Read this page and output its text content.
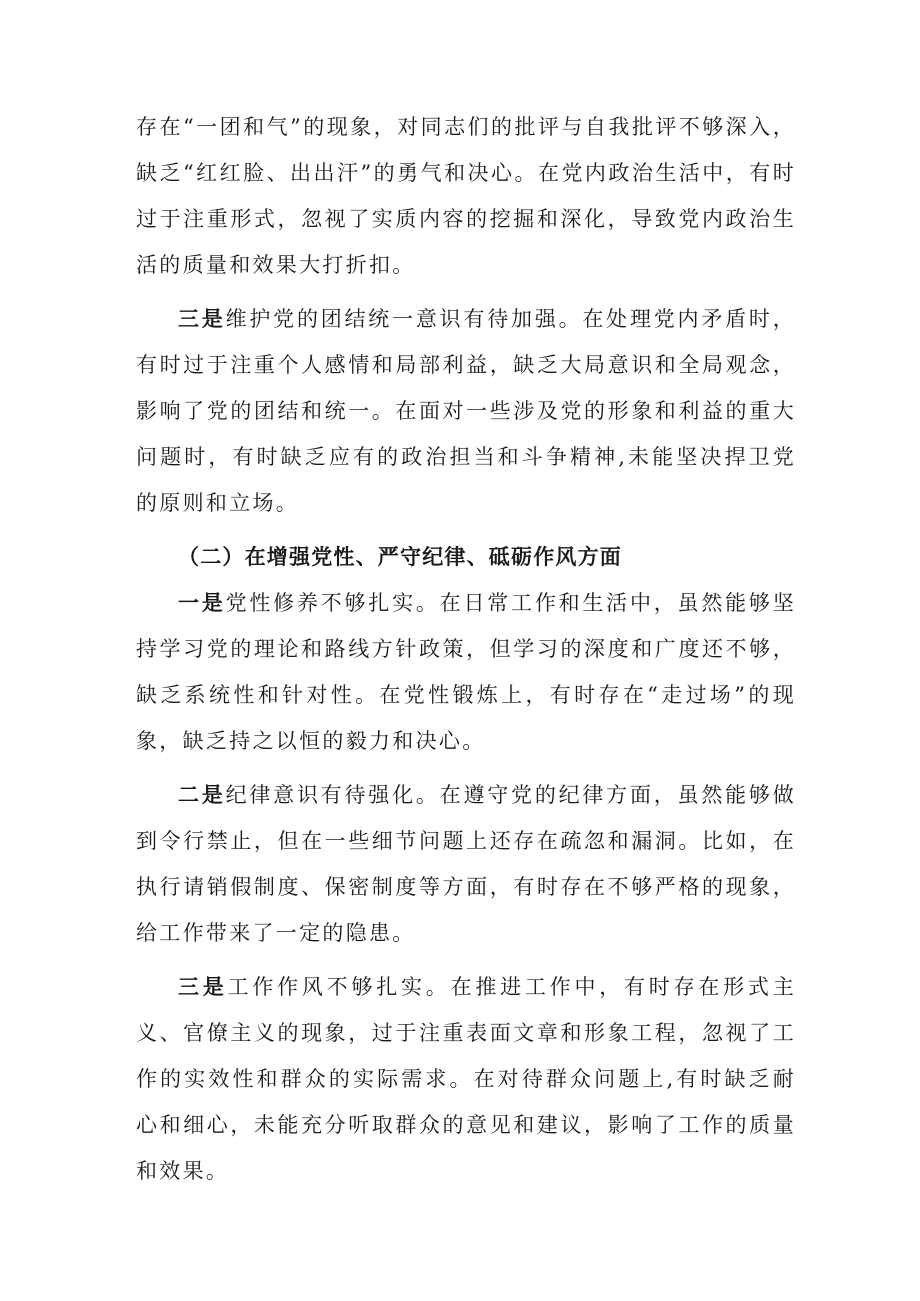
存在“一团和气”的现象，对同志们的批评与自我批评不够深入，缺乏“红红脸、出出汗”的勇气和决心。在党内政治生活中，有时过于注重形式，忽视了实质内容的挖掘和深化，导致党内政治生活的质量和效果大打折扣。

三是维护党的团结统一意识有待加强。在处理党内矛盾时，有时过于注重个人感情和局部利益，缺乏大局意识和全局观念，影响了党的团结和统一。在面对一些涉及党的形象和利益的重大问题时，有时缺乏应有的政治担当和斗争精神,未能坚决捍卫党的原则和立场。

（二）在增强党性、严守纪律、砥砺作风方面

一是党性修养不够扎实。在日常工作和生活中，虽然能够坚持学习党的理论和路线方针政策，但学习的深度和广度还不够，缺乏系统性和针对性。在党性锻炼上，有时存在“走过场”的现象，缺乏持之以恒的毅力和决心。

二是纪律意识有待强化。在遵守党的纪律方面，虽然能够做到令行禁止，但在一些细节问题上还存在疏忽和漏洞。比如，在执行请销假制度、保密制度等方面，有时存在不够严格的现象，给工作带来了一定的隐患。

三是工作作风不够扎实。在推进工作中，有时存在形式主义、官僚主义的现象，过于注重表面文章和形象工程，忽视了工作的实效性和群众的实际需求。在对待群众问题上,有时缺乏耐心和细心，未能充分听取群众的意见和建议，影响了工作的质量和效果。
